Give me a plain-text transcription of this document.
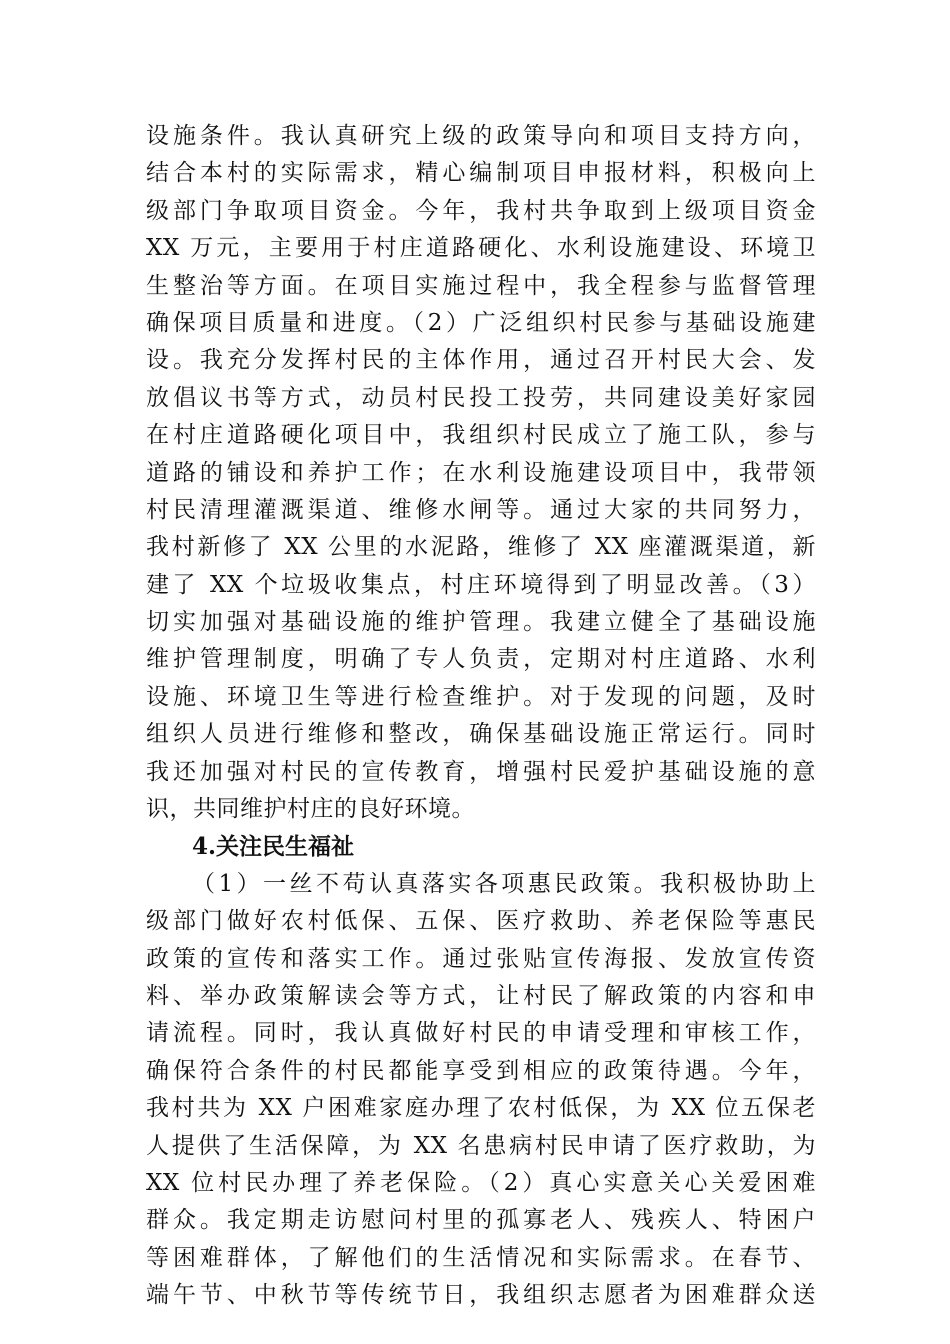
设施条件。我认真研究上级的政策导向和项目支持方向，
结合本村的实际需求，精心编制项目申报材料，积极向上
级部门争取项目资金。今年，我村共争取到上级项目资金
XX 万元，主要用于村庄道路硬化、水利设施建设、环境卫
生整治等方面。在项目实施过程中，我全程参与监督管理
确保项目质量和进度。（2）广泛组织村民参与基础设施建
设。我充分发挥村民的主体作用，通过召开村民大会、发
放倡议书等方式，动员村民投工投劳，共同建设美好家园
在村庄道路硬化项目中，我组织村民成立了施工队，参与
道路的铺设和养护工作；在水利设施建设项目中，我带领
村民清理灌溉渠道、维修水闸等。通过大家的共同努力，
我村新修了 XX 公里的水泥路，维修了 XX 座灌溉渠道，新
建了 XX 个垃圾收集点，村庄环境得到了明显改善。（3）
切实加强对基础设施的维护管理。我建立健全了基础设施
维护管理制度，明确了专人负责，定期对村庄道路、水利
设施、环境卫生等进行检查维护。对于发现的问题，及时
组织人员进行维修和整改，确保基础设施正常运行。同时
我还加强对村民的宣传教育，增强村民爱护基础设施的意
识，共同维护村庄的良好环境。
4.关注民生福祉
（1）一丝不苟认真落实各项惠民政策。我积极协助上
级部门做好农村低保、五保、医疗救助、养老保险等惠民
政策的宣传和落实工作。通过张贴宣传海报、发放宣传资
料、举办政策解读会等方式，让村民了解政策的内容和申
请流程。同时，我认真做好村民的申请受理和审核工作，
确保符合条件的村民都能享受到相应的政策待遇。今年，
我村共为 XX 户困难家庭办理了农村低保，为 XX 位五保老
人提供了生活保障，为 XX 名患病村民申请了医疗救助，为
XX 位村民办理了养老保险。（2）真心实意关心关爱困难
群众。我定期走访慰问村里的孤寡老人、残疾人、特困户
等困难群体，了解他们的生活情况和实际需求。在春节、
端午节、中秋节等传统节日，我组织志愿者为困难群众送
